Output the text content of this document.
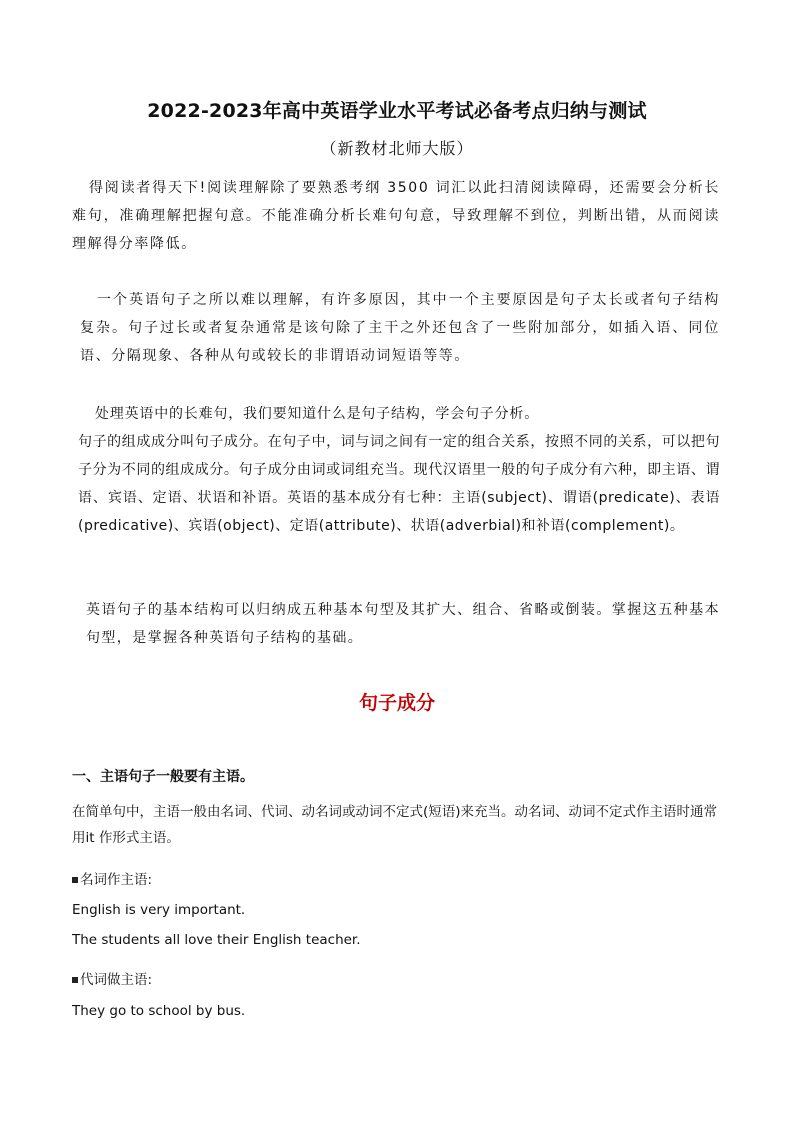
2022-2023年高中英语学业水平考试必备考点归纳与测试
（新教材北师大版）
得阅读者得天下!阅读理解除了要熟悉考纲 3500 词汇以此扫清阅读障碍，还需要会分析长难句，准确理解把握句意。不能准确分析长难句句意，导致理解不到位，判断出错，从而阅读理解得分率降低。
一个英语句子之所以难以理解，有许多原因，其中一个主要原因是句子太长或者句子结构复杂。句子过长或者复杂通常是该句除了主干之外还包含了一些附加部分，如插入语、同位语、分隔现象、各种从句或较长的非谓语动词短语等等。
处理英语中的长难句，我们要知道什么是句子结构，学会句子分析。
句子的组成成分叫句子成分。在句子中，词与词之间有一定的组合关系，按照不同的关系，可以把句子分为不同的组成成分。句子成分由词或词组充当。现代汉语里一般的句子成分有六种，即主语、谓语、宾语、定语、状语和补语。英语的基本成分有七种：主语(subject)、谓语(predicate)、表语(predicative)、宾语(object)、定语(attribute)、状语(adverbial)和补语(complement)。
英语句子的基本结构可以归纳成五种基本句型及其扩大、组合、省略或倒装。掌握这五种基本句型，是掌握各种英语句子结构的基础。
句子成分
一、主语句子一般要有主语。
在简单句中，主语一般由名词、代词、动名词或动词不定式(短语)来充当。动名词、动词不定式作主语时通常用it 作形式主语。
名词作主语:
English is very important.
The students all love their English teacher.
代词做主语:
They go to school by bus.
